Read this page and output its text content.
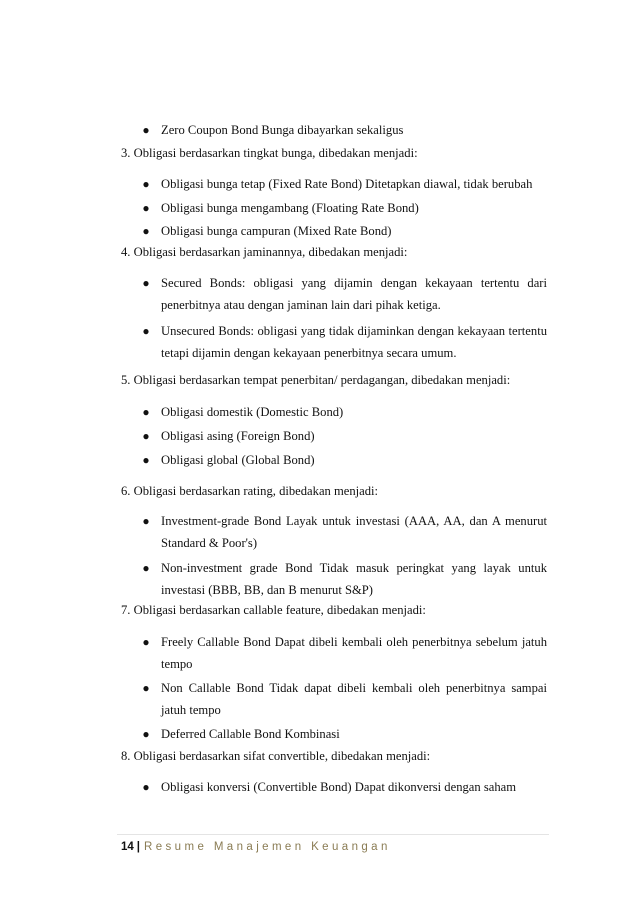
● Zero Coupon Bond Bunga dibayarkan sekaligus
3. Obligasi berdasarkan tingkat bunga, dibedakan menjadi:
● Obligasi bunga tetap (Fixed Rate Bond) Ditetapkan diawal, tidak berubah
● Obligasi bunga mengambang (Floating Rate Bond)
● Obligasi bunga campuran (Mixed Rate Bond)
4. Obligasi berdasarkan jaminannya, dibedakan menjadi:
● Secured Bonds: obligasi yang dijamin dengan kekayaan tertentu dari
penerbitnya atau dengan jaminan lain dari pihak ketiga.
● Unsecured Bonds: obligasi yang tidak dijaminkan dengan kekayaan tertentu
tetapi dijamin dengan kekayaan penerbitnya secara umum.
5. Obligasi berdasarkan tempat penerbitan/ perdagangan, dibedakan menjadi:
● Obligasi domestik (Domestic Bond)
● Obligasi asing (Foreign Bond)
● Obligasi global (Global Bond)
6. Obligasi berdasarkan rating, dibedakan menjadi:
● Investment-grade Bond Layak untuk investasi (AAA, AA, dan A menurut
Standard & Poor's)
● Non-investment grade Bond Tidak masuk peringkat yang layak untuk
investasi (BBB, BB, dan B menurut S&P)
7. Obligasi berdasarkan callable feature, dibedakan menjadi:
● Freely Callable Bond Dapat dibeli kembali oleh penerbitnya sebelum jatuh
tempo
● Non Callable Bond Tidak dapat dibeli kembali oleh penerbitnya sampai
jatuh tempo
● Deferred Callable Bond Kombinasi
8. Obligasi berdasarkan sifat convertible, dibedakan menjadi:
● Obligasi konversi (Convertible Bond) Dapat dikonversi dengan saham
14 | Resume Manajemen Keuangan
